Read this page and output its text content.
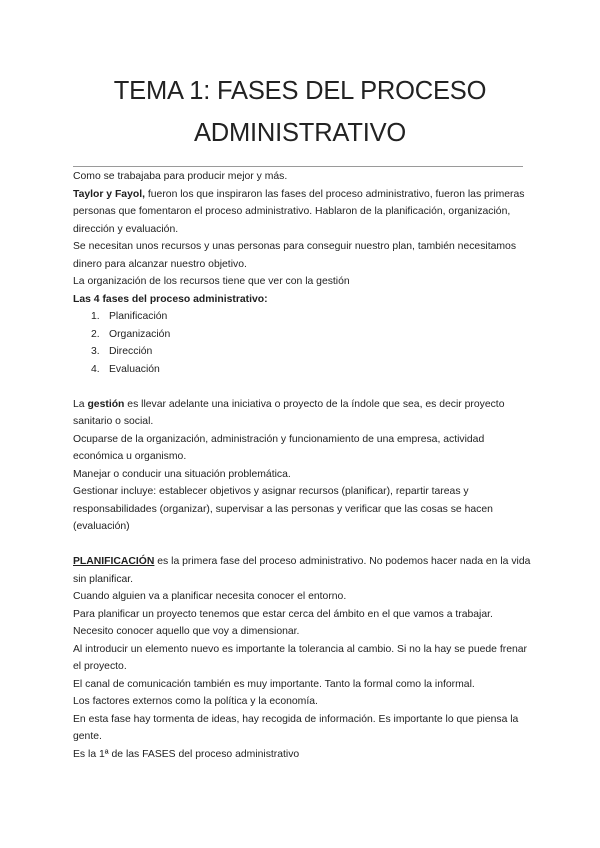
TEMA 1: FASES DEL PROCESO
ADMINISTRATIVO

Como se trabajaba para producir mejor y más.

Taylor y Fayol, fueron los que inspiraron las fases del proceso administrativo, fueron las primeras personas que fomentaron el proceso administrativo. Hablaron de la planificación, organización, dirección y evaluación.

Se necesitan unos recursos y unas personas para conseguir nuestro plan, también necesitamos dinero para alcanzar nuestro objetivo.

La organización de los recursos tiene que ver con la gestión

Las 4 fases del proceso administrativo:

1. Planificación
2. Organización
3. Dirección
4. Evaluación

La gestión es llevar adelante una iniciativa o proyecto de la índole que sea, es decir proyecto sanitario o social.

Ocuparse de la organización, administración y funcionamiento de una empresa, actividad económica u organismo.

Manejar o conducir una situación problemática.

Gestionar incluye: establecer objetivos y asignar recursos (planificar), repartir tareas y responsabilidades (organizar), supervisar a las personas y verificar que las cosas se hacen (evaluación)

PLANIFICACIÓN es la primera fase del proceso administrativo. No podemos hacer nada en la vida sin planificar.

Cuando alguien va a planificar necesita conocer el entorno.

Para planificar un proyecto tenemos que estar cerca del ámbito en el que vamos a trabajar.

Necesito conocer aquello que voy a dimensionar.

Al introducir un elemento nuevo es importante la tolerancia al cambio. Si no la hay se puede frenar el proyecto.

El canal de comunicación también es muy importante. Tanto la formal como la informal.

Los factores externos como la política y la economía.

En esta fase hay tormenta de ideas, hay recogida de información. Es importante lo que piensa la gente.

Es la 1ª de las FASES del proceso administrativo
